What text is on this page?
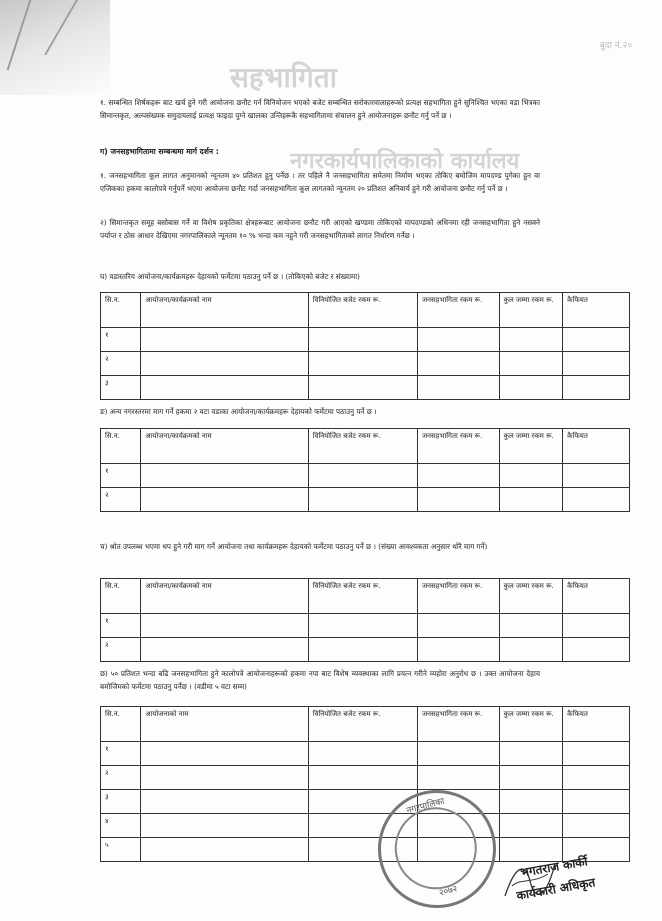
बुदा नं.२०
सहभागिता
नगरकार्यपालिकाको कार्यालय

१. सम्बन्धित शिर्षकहरू बाट खर्च हुने गरी आयोजना छनौट गर्न विनियोजन भएको बजेट सम्बन्धित सरोकारवालाहरूको प्रत्यक्ष सहभागिता हुने सुनिश्चित भएका वडा भित्रका सिमान्तकृत, अल्पसंख्यक समुदायलाई प्रत्यक्ष फाइदा पुग्ने खालका उन्तिहरूकै सहभागितामा संचालन हुने आयोजनाहरू छनौट गर्नु पर्ने छ ।

ग) जनसहभागितामा सम्बन्धमा मार्ग दर्शन :

१. जनसहभागिता कूल लागत अनुमानको न्यूनतम ४० प्रतिशत हुनु पर्नेछ । तर पहिले नै जनसहभागिता समेतमा निर्माण भएका तोकिए बमोजिम मापदण्ड पुगेका हुन वा एजिकका हकमा कालोपत्रे गर्नुपर्ने भएमा आयोजना छनौट गर्दा जनसहभागिता कूल लागतको न्यूनतम २० प्रतिशत अनिवार्य हुने गरी आयोजना छनौट गर्नु पर्ने छ ।

२) सिमान्तकृत समूह बसोबास गर्ने वा विशेष प्रकृतिका क्षेत्रहरूबाट आयोजना छनौट गरी आएको खण्डमा तोकिएको मापदण्डको अधिनमा रही जनसहभागिता हुने नसक्ने पर्याप्त र ठोस आधार देखिएमा नगरपालिकाले न्यूनतम १० % भन्दा कम नहुने गरी जनसहभागिताको लागत निर्धारण गर्नेछ ।

घ) वडास्तरिय आयोजना/कार्यक्रमहरू देहायको फर्मेटमा पठाउनु पर्ने छ । (तोकिएको बजेट र संख्यामा)

सि.न.	आयोजना/कार्यक्रमको नाम	विनियोजित बजेट रकम रू.	जनसहभागिता रकम रू.	कुल जम्मा रकम रू.	कैफियत
१					
२					
३					

ङ) अन्य नगरस्तरमा माग गर्ने हकमा २ वटा वडाका आयोजना/कार्यक्रमहरू देहायको फर्मेटमा पठाउनु पर्ने छ ।

सि.न.	आयोजना/कार्यक्रमको नाम	विनियोजित बजेट रकम रू.	जनसहभागिता रकम रू.	कुल जम्मा रकम रू.	कैफियत
१					
२					

च) श्रोत उपलब्ध भएमा थप हुने गरी माग गर्ने आयोजना तथा कार्यक्रमहरू देहायको फर्मेटमा पठाउनु पर्ने छ । (संख्या आवश्यकता अनुसार थोरै माग गर्ने)

सि.न.	आयोजना/कार्यक्रमको नाम	विनियोजित बजेट रकम रू.	जनसहभागिता रकम रू.	कुल जम्मा रकम रू.	कैफियत
१					
२					

छ) ५० प्रतिशत भन्दा बढि जनसहभागिता हुने कालोपत्रे आयोजनाहरूको हकमा नपा बाट विशेष व्यवस्थाका लागि प्रयत्न गरीने व्यहोरा अनुरोध छ । उक्त आयोजना देहाय बमोजिमको फर्मेटमा पठाउनु पर्नेछ । (वडीमा ५ वटा सम्म)

सि.न.	आयोजनाको नाम	विनियोजित बजेट रकम रू.	जनसहभागिता रकम रू.	कुल जम्मा रकम रू.	कैफियत
१					
२					
३					
४					
५					
नगरपालिका
२०७२
भगतराज कार्की
कार्यकारी अधिकृत
